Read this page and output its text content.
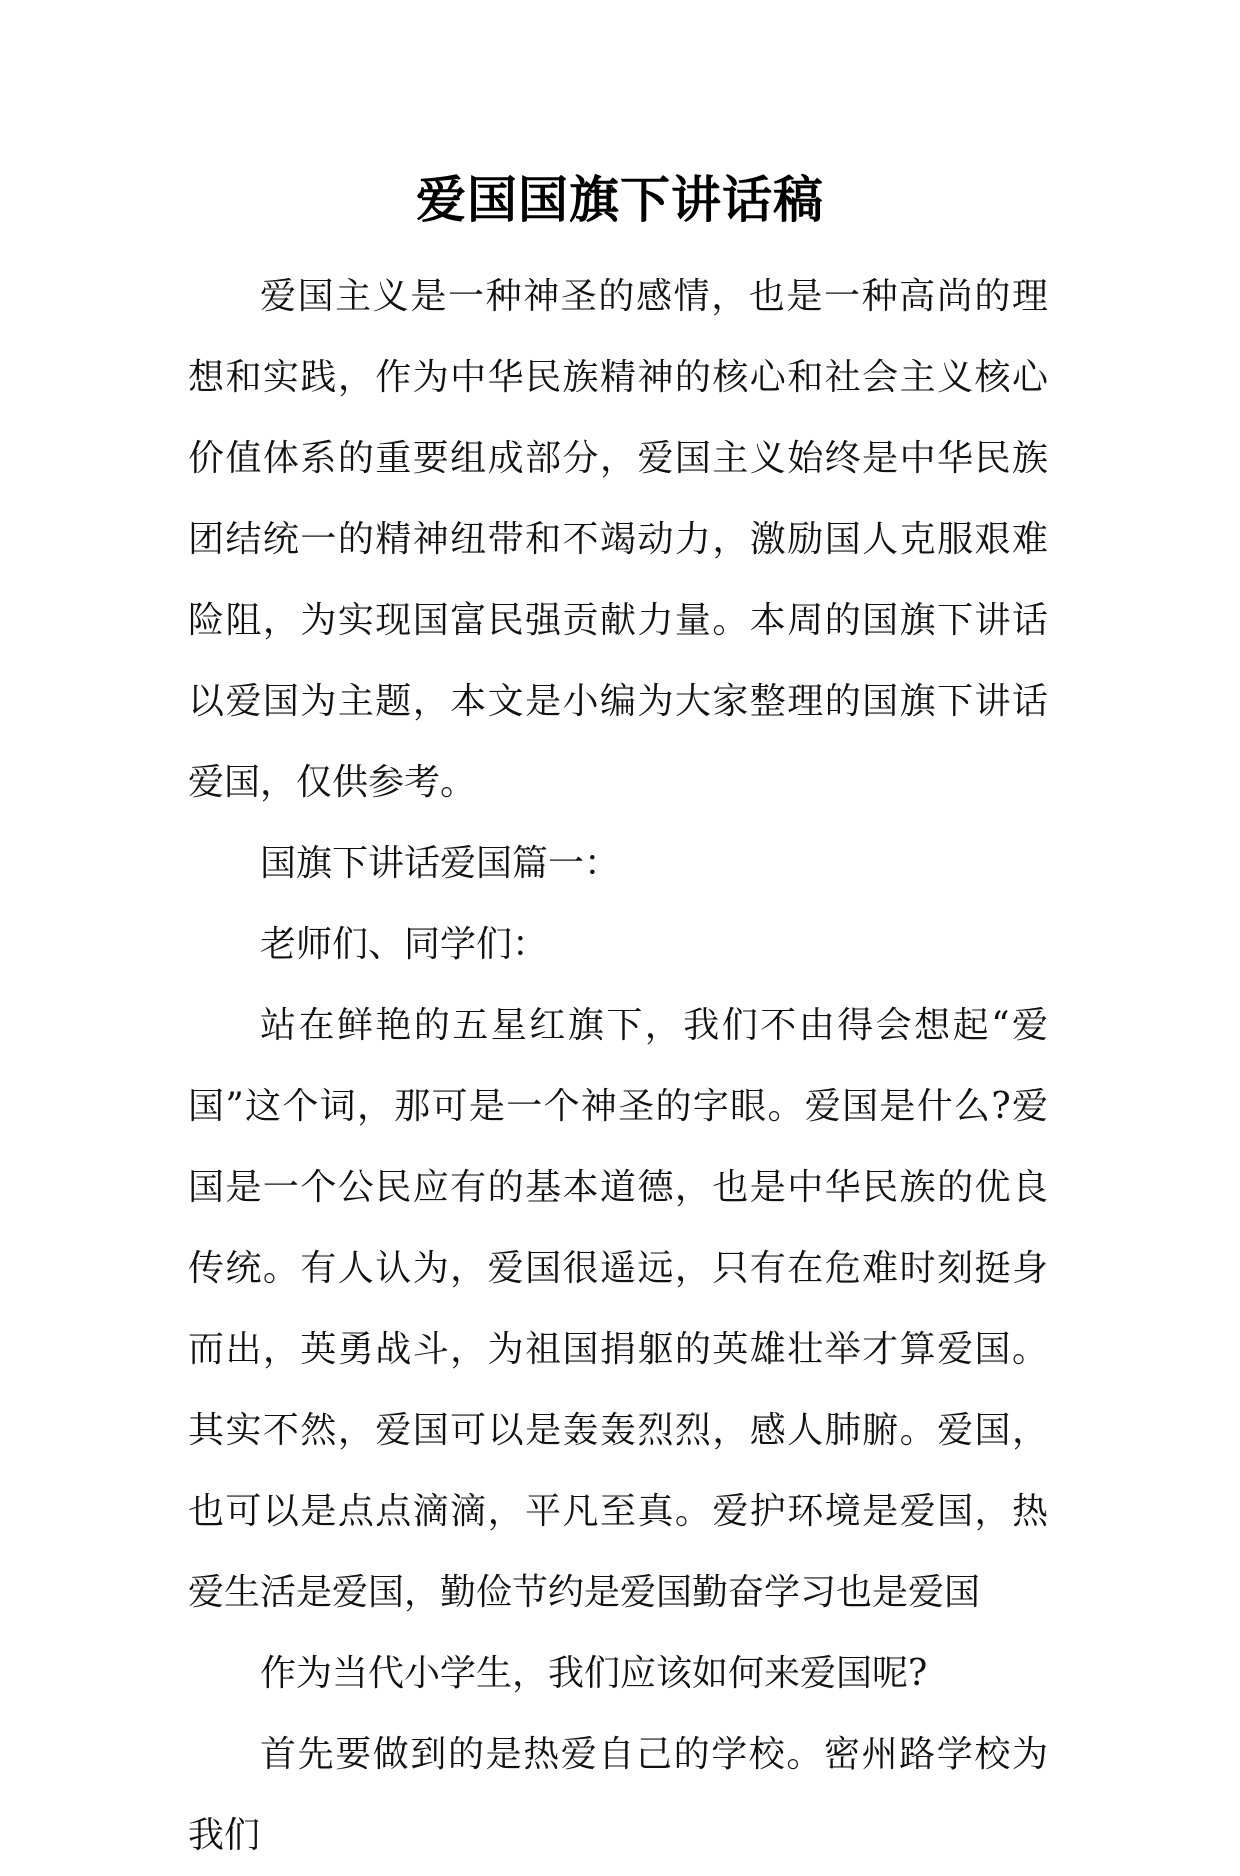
爱国国旗下讲话稿

爱国主义是一种神圣的感情，也是一种高尚的理想和实践，作为中华民族精神的核心和社会主义核心价值体系的重要组成部分，爱国主义始终是中华民族团结统一的精神纽带和不竭动力，激励国人克服艰难险阻，为实现国富民强贡献力量。本周的国旗下讲话以爱国为主题，本文是小编为大家整理的国旗下讲话爱国，仅供参考。

国旗下讲话爱国篇一：

老师们、同学们：

站在鲜艳的五星红旗下，我们不由得会想起“爱国”这个词，那可是一个神圣的字眼。爱国是什么?爱国是一个公民应有的基本道德，也是中华民族的优良传统。有人认为，爱国很遥远，只有在危难时刻挺身而出，英勇战斗，为祖国捐躯的英雄壮举才算爱国。其实不然，爱国可以是轰轰烈烈，感人肺腑。爱国，也可以是点点滴滴，平凡至真。爱护环境是爱国，热爱生活是爱国，勤俭节约是爱国勤奋学习也是爱国

作为当代小学生，我们应该如何来爱国呢?

首先要做到的是热爱自己的学校。密州路学校为我们
